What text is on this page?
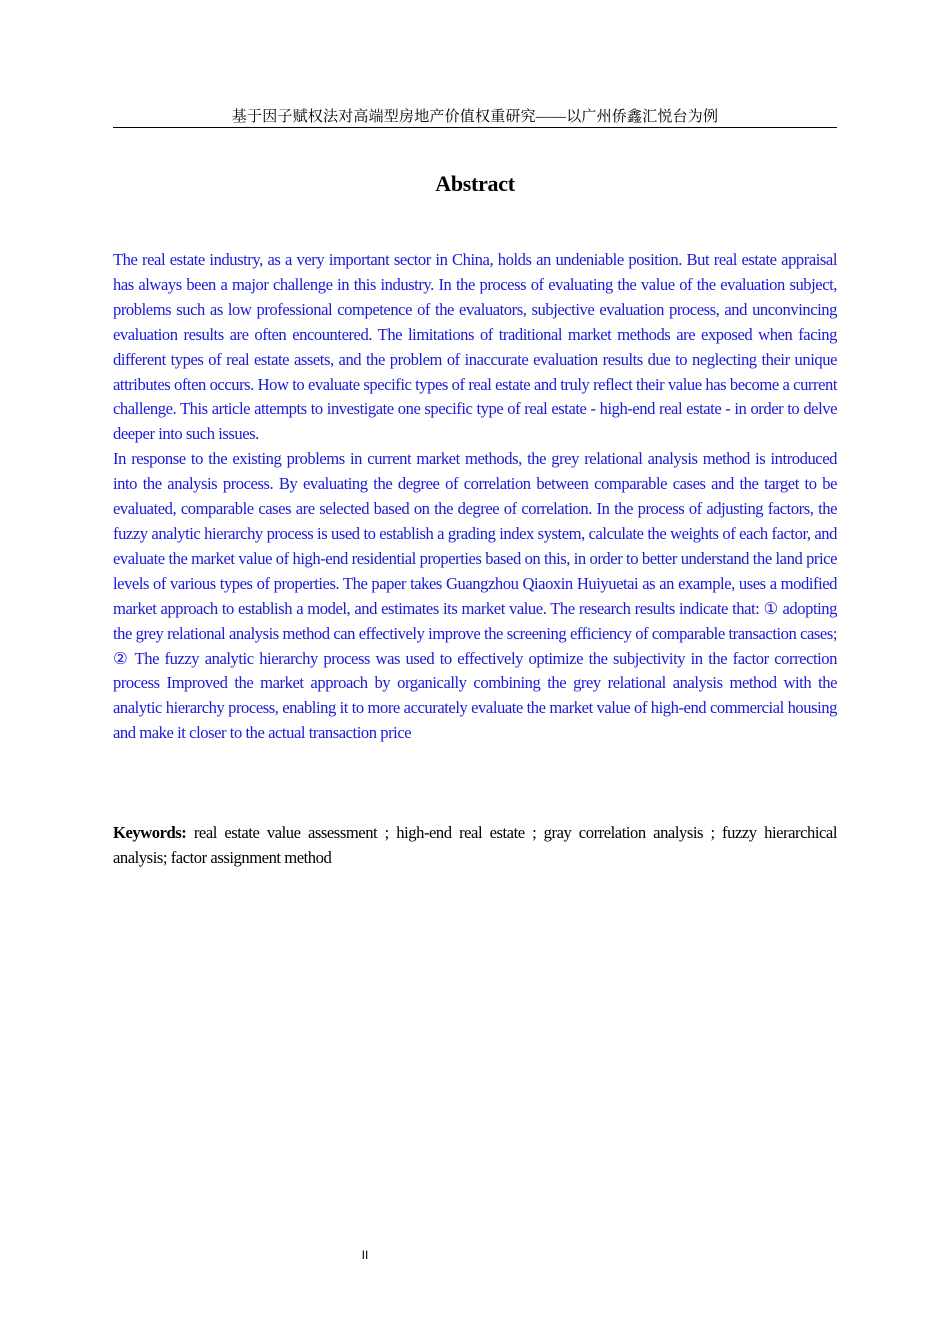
基于因子赋权法对高端型房地产价值权重研究——以广州侨鑫汇悦台为例
Abstract

The real estate industry, as a very important sector in China, holds an undeniable position. But real estate appraisal has always been a major challenge in this industry. In the process of evaluating the value of the evaluation subject, problems such as low professional competence of the evaluators, subjective evaluation process, and unconvincing evaluation results are often encountered. The limitations of traditional market methods are exposed when facing different types of real estate assets, and the problem of inaccurate evaluation results due to neglecting their unique attributes often occurs. How to evaluate specific types of real estate and truly reflect their value has become a current challenge. This article attempts to investigate one specific type of real estate - high-end real estate - in order to delve deeper into such issues.

In response to the existing problems in current market methods, the grey relational analysis method is introduced into the analysis process. By evaluating the degree of correlation between comparable cases and the target to be evaluated, comparable cases are selected based on the degree of correlation. In the process of adjusting factors, the fuzzy analytic hierarchy process is used to establish a grading index system, calculate the weights of each factor, and evaluate the market value of high-end residential properties based on this, in order to better understand the land price levels of various types of properties. The paper takes Guangzhou Qiaoxin Huiyuetai as an example, uses a modified market approach to establish a model, and estimates its market value. The research results indicate that: ① adopting the grey relational analysis method can effectively improve the screening efficiency of comparable transaction cases; ② The fuzzy analytic hierarchy process was used to effectively optimize the subjectivity in the factor correction process Improved the market approach by organically combining the grey relational analysis method with the analytic hierarchy process, enabling it to more accurately evaluate the market value of high-end commercial housing and make it closer to the actual transaction price

Keywords: real estate value assessment ; high-end real estate ; gray correlation analysis ; fuzzy hierarchical analysis; factor assignment method
II
